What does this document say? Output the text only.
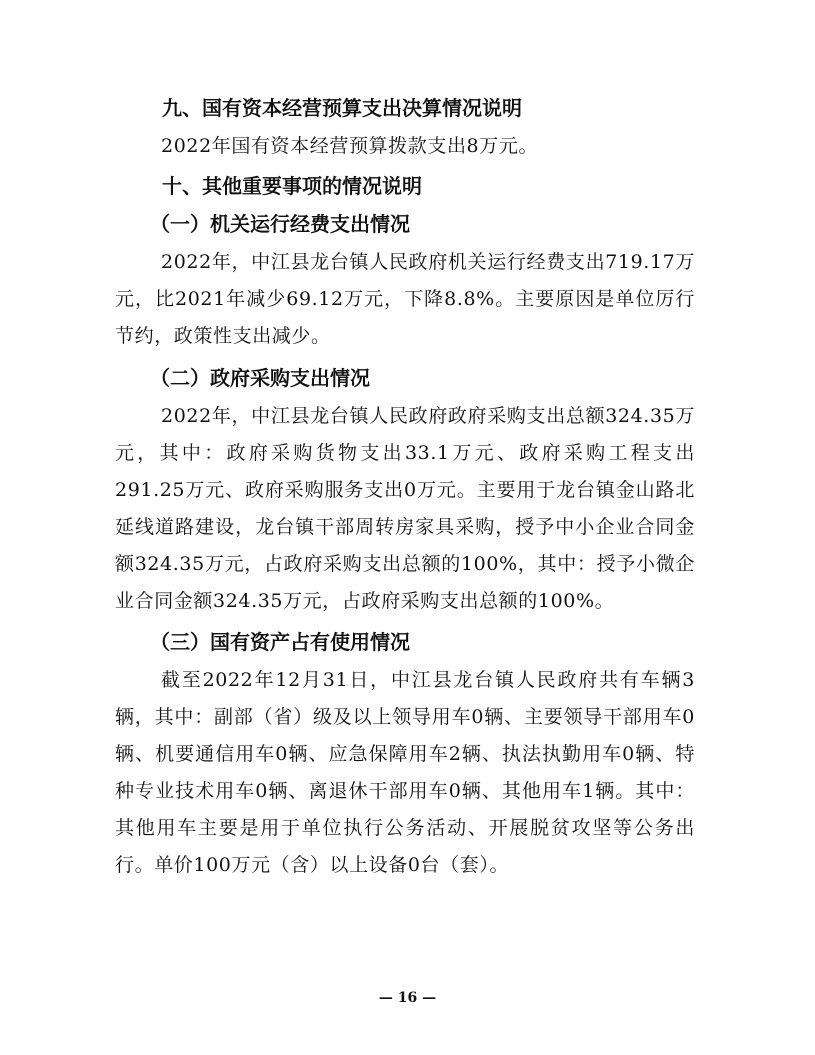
九、国有资本经营预算支出决算情况说明
2022年国有资本经营预算拨款支出8万元。
十、其他重要事项的情况说明
（一）机关运行经费支出情况
2022年，中江县龙台镇人民政府机关运行经费支出719.17万元，比2021年减少69.12万元，下降8.8%。主要原因是单位厉行节约，政策性支出减少。
（二）政府采购支出情况
2022年，中江县龙台镇人民政府政府采购支出总额324.35万元，其中：政府采购货物支出33.1万元、政府采购工程支出291.25万元、政府采购服务支出0万元。主要用于龙台镇金山路北延线道路建设，龙台镇干部周转房家具采购，授予中小企业合同金额324.35万元，占政府采购支出总额的100%，其中：授予小微企业合同金额324.35万元，占政府采购支出总额的100%。
（三）国有资产占有使用情况
截至2022年12月31日，中江县龙台镇人民政府共有车辆3辆，其中：副部（省）级及以上领导用车0辆、主要领导干部用车0辆、机要通信用车0辆、应急保障用车2辆、执法执勤用车0辆、特种专业技术用车0辆、离退休干部用车0辆、其他用车1辆。其中：其他用车主要是用于单位执行公务活动、开展脱贫攻坚等公务出行。单价100万元（含）以上设备0台（套）。
— 16 —
